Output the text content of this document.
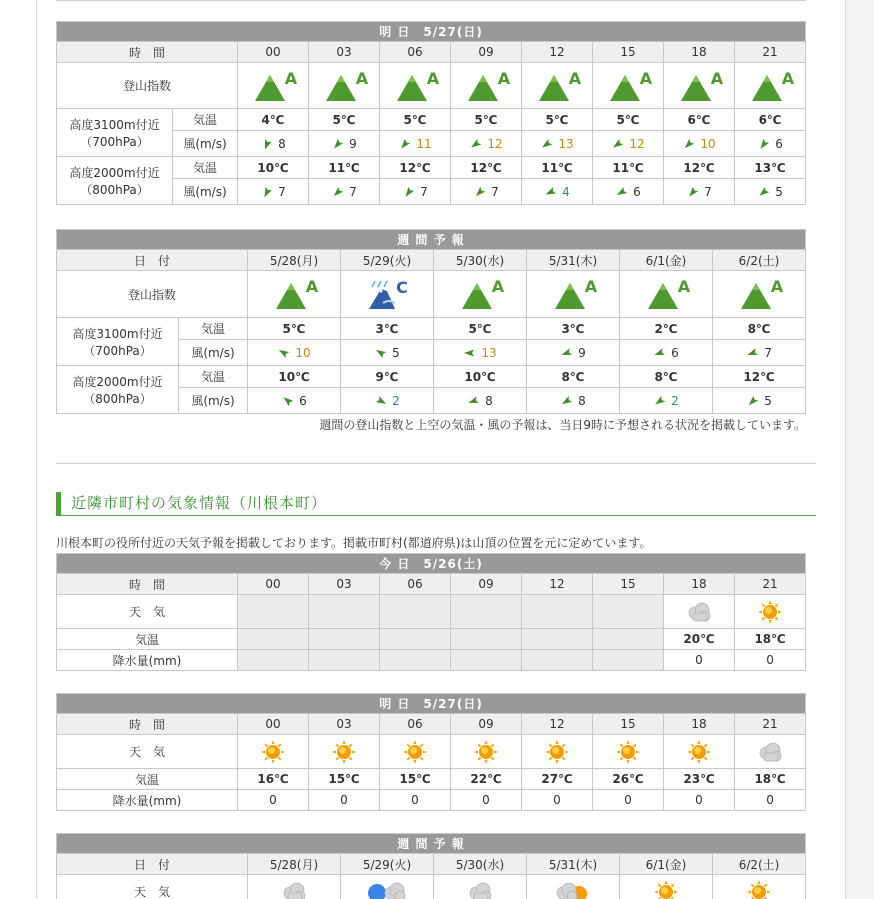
明 日　5/27(日)									
時　間		00	03	06	09	12	15	18	21
登山指数		A	A	A	A	A	A	A	A

高度3100m付近
（700hPa）	気温	4℃	5℃	5℃	5℃	5℃	5℃	6℃	6℃
	風(m/s)	8	9	11	12	13	12	10	6

高度2000m付近
（800hPa）	気温	10℃	11℃	12℃	12℃	11℃	11℃	12℃	13℃
	風(m/s)	7	7	7	7	4	6	7	5
週 間 予 報							
日　付		5/28(月)	5/29(火)	5/30(水)	5/31(木)	6/1(金)	6/2(土)
登山指数		A	C	A	A	A	A

高度3100m付近
（700hPa）	気温	5℃	3℃	5℃	3℃	2℃	8℃
	風(m/s)	10	5	13	9	6	7

高度2000m付近
（800hPa）	気温	10℃	9℃	10℃	8℃	8℃	12℃
	風(m/s)	6	2	8	8	2	5
週間の登山指数と上空の気温・風の予報は、当日9時に予想される状況を掲載しています。
近隣市町村の気象情報（川根本町）
川根本町の役所付近の天気予報を掲載しております。掲載市町村(都道府県)は山頂の位置を元に定めています。
今 日　5/26(土)								
時　間	00	03	06	09	12	15	18	21
天　気							

気温							20℃	18℃
降水量(mm)							0	0
明 日　5/27(日)								
時　間	00	03	06	09	12	15	18	21
天　気	

気温	16℃	15℃	15℃	22℃	27℃	26℃	23℃	18℃
降水量(mm)	0	0	0	0	0	0	0	0
週 間 予 報						
日　付	5/28(月)	5/29(火)	5/30(水)	5/31(木)	6/1(金)	6/2(土)
天　気	
